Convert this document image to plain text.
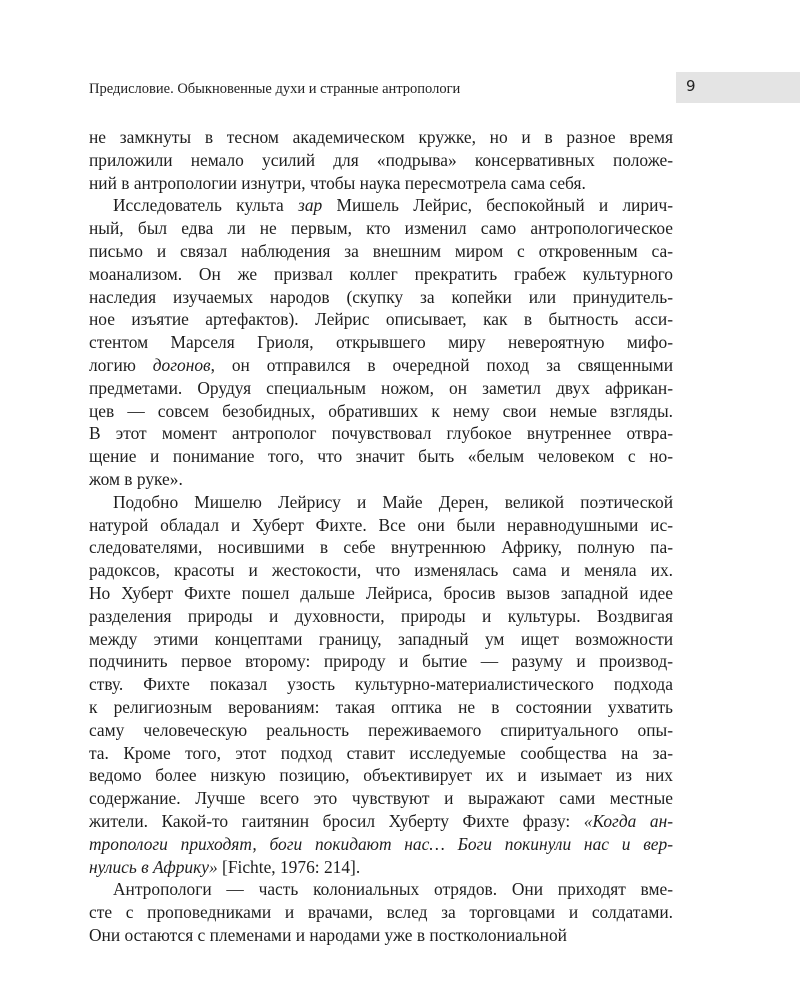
Предисловие. Обыкновенные духи и странные антропологи	9
не замкнуты в тесном академическом кружке, но и в разное время
приложили немало усилий для «подрыва» консервативных положе-
ний в антропологии изнутри, чтобы наука пересмотрела сама себя.
Исследователь культа зар Мишель Лейрис, беспокойный и лирич-
ный, был едва ли не первым, кто изменил само антропологическое
письмо и связал наблюдения за внешним миром с откровенным са-
моанализом. Он же призвал коллег прекратить грабеж культурного
наследия изучаемых народов (скупку за копейки или принудитель-
ное изъятие артефактов). Лейрис описывает, как в бытность асси-
стентом Марселя Гриоля, открывшего миру невероятную мифо-
логию догонов, он отправился в очередной поход за священными
предметами. Орудуя специальным ножом, он заметил двух африкан-
цев — совсем безобидных, обративших к нему свои немые взгляды.
В этот момент антрополог почувствовал глубокое внутреннее отвра-
щение и понимание того, что значит быть «белым человеком с но-
жом в руке».
Подобно Мишелю Лейрису и Майе Дерен, великой поэтической
натурой обладал и Хуберт Фихте. Все они были неравнодушными ис-
следователями, носившими в себе внутреннюю Африку, полную па-
радоксов, красоты и жестокости, что изменялась сама и меняла их.
Но Хуберт Фихте пошел дальше Лейриса, бросив вызов западной идее
разделения природы и духовности, природы и культуры. Воздвигая
между этими концептами границу, западный ум ищет возможности
подчинить первое второму: природу и бытие — разуму и производ-
ству. Фихте показал узость культурно-материалистического подхода
к религиозным верованиям: такая оптика не в состоянии ухватить
саму человеческую реальность переживаемого спиритуального опы-
та. Кроме того, этот подход ставит исследуемые сообщества на за-
ведомо более низкую позицию, объективирует их и изымает из них
содержание. Лучше всего это чувствуют и выражают сами местные
жители. Какой-то гаитянин бросил Хуберту Фихте фразу: «Когда ан-
тропологи приходят, боги покидают нас… Боги покинули нас и вер-
нулись в Африку» [Fichte, 1976: 214].
Антропологи — часть колониальных отрядов. Они приходят вме-
сте с проповедниками и врачами, вслед за торговцами и солдатами.
Они остаются с племенами и народами уже в постколониальной
